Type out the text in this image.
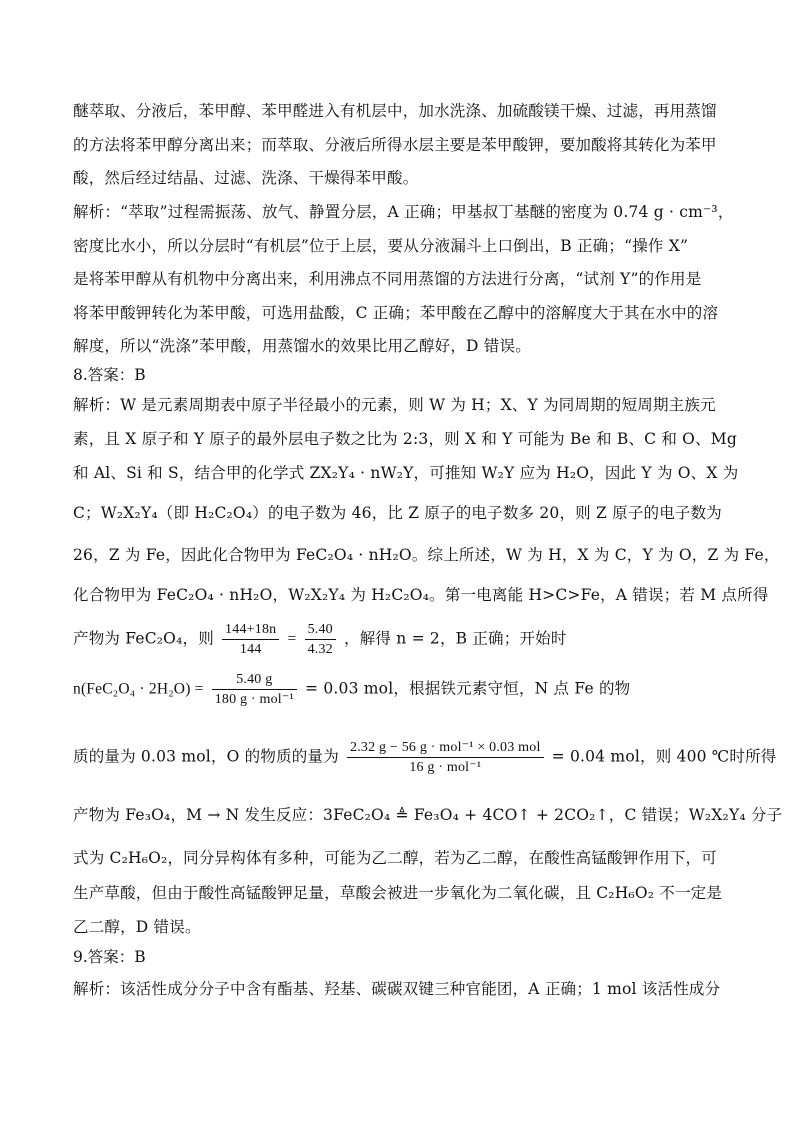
醚萃取、分液后，苯甲醇、苯甲醛进入有机层中，加水洗涤、加硫酸镁干燥、过滤，再用蒸馏
的方法将苯甲醇分离出来；而萃取、分液后所得水层主要是苯甲酸钾，要加酸将其转化为苯甲
酸，然后经过结晶、过滤、洗涤、干燥得苯甲酸。
解析：“萃取”过程需振荡、放气、静置分层，A 正确；甲基叔丁基醚的密度为 0.74 g · cm⁻³，
密度比水小，所以分层时“有机层”位于上层，要从分液漏斗上口倒出，B 正确；“操作 X”
是将苯甲醇从有机物中分离出来，利用沸点不同用蒸馏的方法进行分离，“试剂 Y”的作用是
将苯甲酸钾转化为苯甲酸，可选用盐酸，C 正确；苯甲酸在乙醇中的溶解度大于其在水中的溶
解度，所以“洗涤”苯甲酸，用蒸馏水的效果比用乙醇好，D 错误。
8.答案：B
解析：W 是元素周期表中原子半径最小的元素，则 W 为 H；X、Y 为同周期的短周期主族元
素，且 X 原子和 Y 原子的最外层电子数之比为 2:3，则 X 和 Y 可能为 Be 和 B、C 和 O、Mg
和 Al、Si 和 S，结合甲的化学式 ZX₂Y₄ · nW₂Y，可推知 W₂Y 应为 H₂O，因此 Y 为 O、X 为
C；W₂X₂Y₄（即 H₂C₂O₄）的电子数为 46，比 Z 原子的电子数多 20，则 Z 原子的电子数为
26，Z 为 Fe，因此化合物甲为 FeC₂O₄ · nH₂O。综上所述，W 为 H，X 为 C，Y 为 O，Z 为 Fe，
化合物甲为 FeC₂O₄ · nH₂O，W₂X₂Y₄ 为 H₂C₂O₄。第一电离能 H>C>Fe，A 错误；若 M 点所得
产物为 FeC₂O₄，则 $\frac{144+18n}{144} = \frac{5.40}{4.32}$ ，解得 n = 2，B 正确；开始时
$n(FeC_2O_4 \cdot 2H_2O) = \frac{5.40 g}{\text{180 g · mol⁻¹}} = 0.03$ mol，根据铁元素守恒，N 点 Fe 的物
质的量为 0.03 mol，O 的物质的量为 $\frac{\text{2.32 g − 56 g · mol⁻¹ × 0.03 mol}}{\text{16 g · mol⁻¹}} = 0.04$ mol，则 400 ℃时所得
产物为 Fe₃O₄，M → N 发生反应：3FeC₂O₄ ≜ Fe₃O₄ + 4CO↑ + 2CO₂↑，C 错误；W₂X₂Y₄ 分子
式为 C₂H₆O₂，同分异构体有多种，可能为乙二醇，若为乙二醇，在酸性高锰酸钾作用下，可
生产草酸，但由于酸性高锰酸钾足量，草酸会被进一步氧化为二氧化碳，且 C₂H₆O₂ 不一定是
乙二醇，D 错误。
9.答案：B
解析：该活性成分分子中含有酯基、羟基、碳碳双键三种官能团，A 正确；1 mol 该活性成分
